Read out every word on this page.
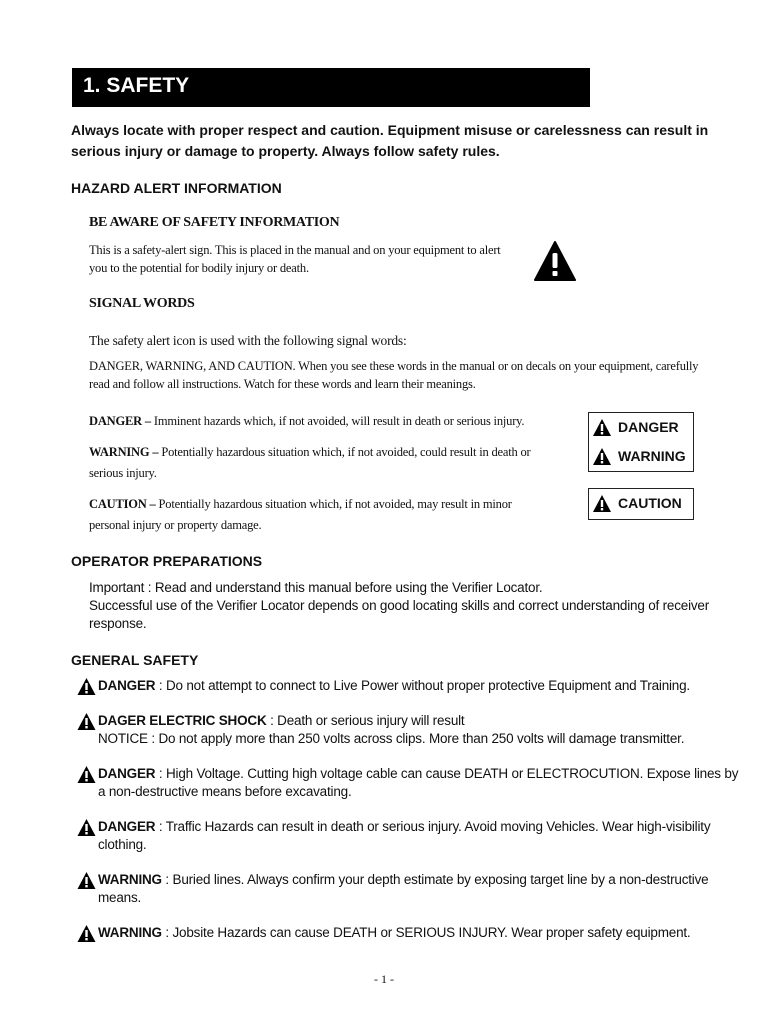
1. SAFETY
Always locate with proper respect and caution. Equipment misuse or carelessness can result in serious injury or damage to property. Always follow safety rules.
HAZARD ALERT INFORMATION
BE AWARE OF SAFETY INFORMATION
This is a safety-alert sign. This is placed in the manual and on your equipment to alert
you to the potential for bodily injury or death.
SIGNAL WORDS
The safety alert icon is used with the following signal words:
DANGER, WARNING, AND CAUTION. When you see these words in the manual or on decals on your equipment, carefully
read and follow all instructions. Watch for these words and learn their meanings.
DANGER – Imminent hazards which, if not avoided, will result in death or serious injury.
WARNING – Potentially hazardous situation which, if not avoided, could result in death or
serious injury.
CAUTION – Potentially hazardous situation which, if not avoided, may result in minor
personal injury or property damage.
DANGER
WARNING
CAUTION
OPERATOR PREPARATIONS
Important : Read and understand this manual before using the Verifier Locator.
Successful use of the Verifier Locator depends on good locating skills and correct understanding of receiver
response.
GENERAL SAFETY
DANGER : Do not attempt to connect to Live Power without proper protective Equipment and Training.
DAGER ELECTRIC SHOCK : Death or serious injury will result
NOTICE : Do not apply more than 250 volts across clips. More than 250 volts will damage transmitter.
DANGER : High Voltage. Cutting high voltage cable can cause DEATH or ELECTROCUTION. Expose lines by
a non-destructive means before excavating.
DANGER : Traffic Hazards can result in death or serious injury. Avoid moving Vehicles. Wear high-visibility
clothing.
WARNING : Buried lines. Always confirm your depth estimate by exposing target line by a non-destructive
means.
WARNING : Jobsite Hazards can cause DEATH or SERIOUS INJURY. Wear proper safety equipment.
- 1 -
